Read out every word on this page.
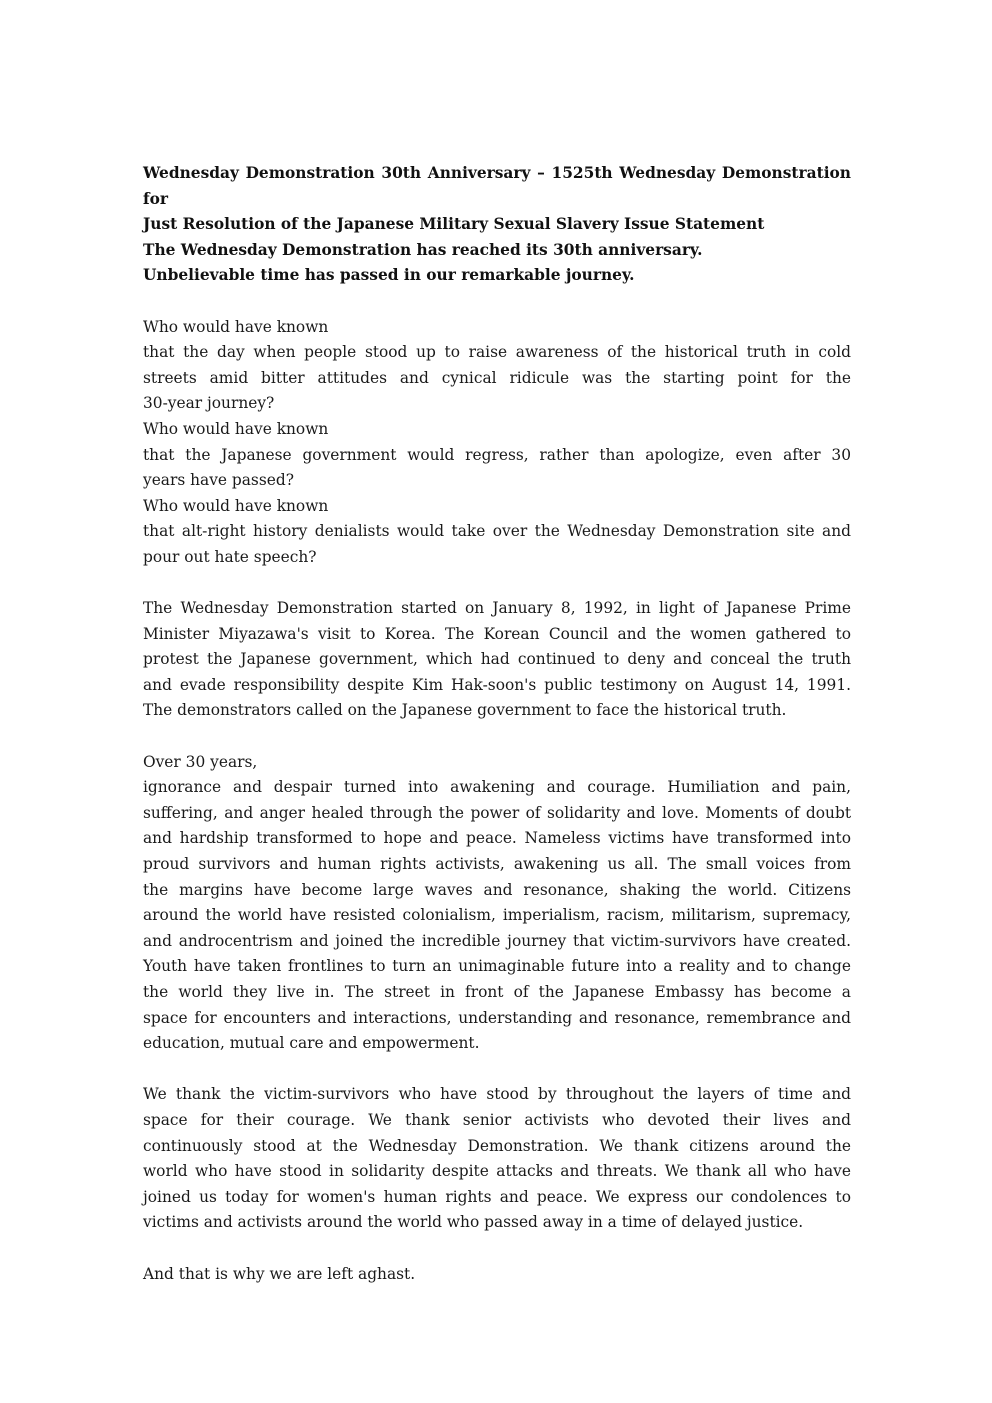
Wednesday Demonstration 30th Anniversary – 1525th Wednesday Demonstration for
Just Resolution of the Japanese Military Sexual Slavery Issue Statement
The Wednesday Demonstration has reached its 30th anniversary.
Unbelievable time has passed in our remarkable journey.
Who would have known
that the day when people stood up to raise awareness of the historical truth in cold
streets amid bitter attitudes and cynical ridicule was the starting point for the
30-year journey?
Who would have known
that the Japanese government would regress, rather than apologize, even after 30
years have passed?
Who would have known
that alt-right history denialists would take over the Wednesday Demonstration site and
pour out hate speech?
The Wednesday Demonstration started on January 8, 1992, in light of Japanese Prime
Minister Miyazawa's visit to Korea. The Korean Council and the women gathered to
protest the Japanese government, which had continued to deny and conceal the truth
and evade responsibility despite Kim Hak-soon's public testimony on August 14, 1991.
The demonstrators called on the Japanese government to face the historical truth.
Over 30 years,
ignorance and despair turned into awakening and courage. Humiliation and pain,
suffering, and anger healed through the power of solidarity and love. Moments of doubt
and hardship transformed to hope and peace. Nameless victims have transformed into
proud survivors and human rights activists, awakening us all. The small voices from
the margins have become large waves and resonance, shaking the world. Citizens
around the world have resisted colonialism, imperialism, racism, militarism, supremacy,
and androcentrism and joined the incredible journey that victim-survivors have created.
Youth have taken frontlines to turn an unimaginable future into a reality and to change
the world they live in. The street in front of the Japanese Embassy has become a
space for encounters and interactions, understanding and resonance, remembrance and
education, mutual care and empowerment.
We thank the victim-survivors who have stood by throughout the layers of time and
space for their courage. We thank senior activists who devoted their lives and
continuously stood at the Wednesday Demonstration. We thank citizens around the
world who have stood in solidarity despite attacks and threats. We thank all who have
joined us today for women's human rights and peace. We express our condolences to
victims and activists around the world who passed away in a time of delayed justice.
And that is why we are left aghast.
